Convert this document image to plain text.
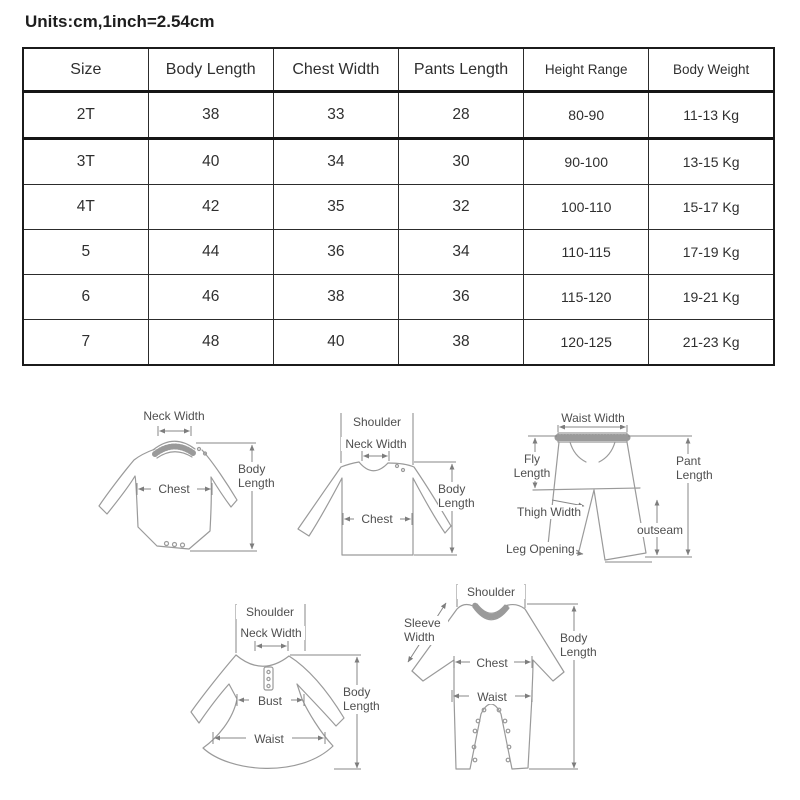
Units:cm,1inch=2.54cm
Size	Body Length	Chest Width	Pants Length	Height Range	Body Weight
2T	38	33	28	80-90	11-13 Kg
3T	40	34	30	90-100	13-15 Kg
4T	42	35	32	100-110	15-17 Kg
5	44	36	34	110-115	17-19 Kg
6	46	38	36	115-120	19-21 Kg
7	48	40	38	120-125	21-23 Kg
Neck Width
Chest
Body Length
Shoulder
Neck Width
Chest
Body Length
Waist Width
Fly Length
Pant Length
Thigh Width
outseam
Leg Opening
Shoulder
Neck Width
Bust
Waist
Body Length
Shoulder
Sleeve Width
Chest
Waist
Body Length
